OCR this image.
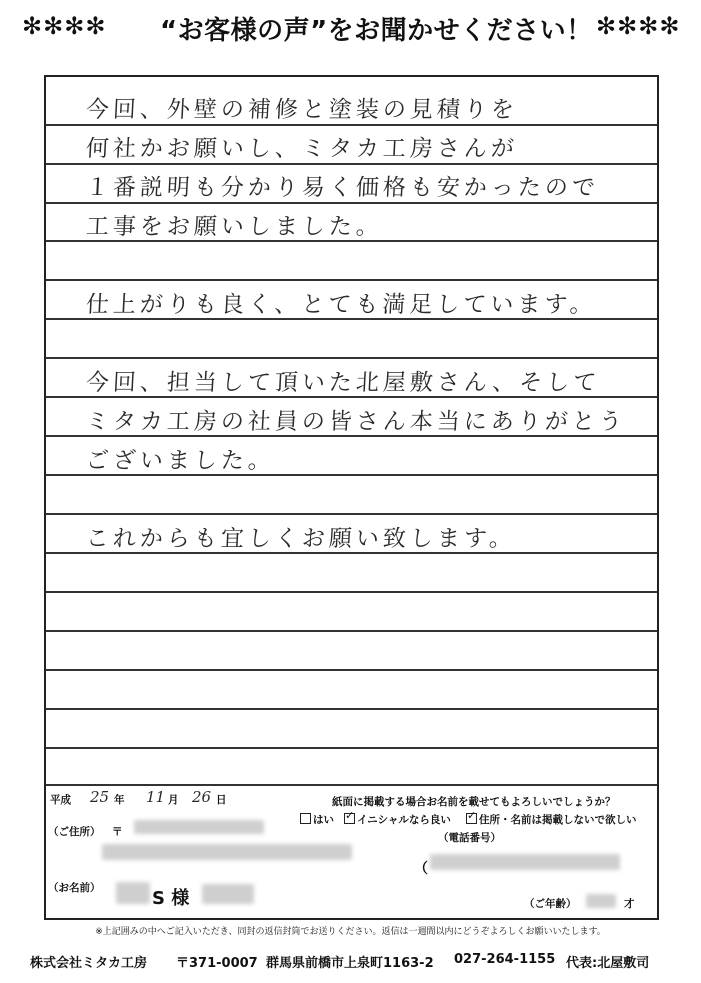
✻✻✻✻ “お客様の声”をお聞かせください！ ✻✻✻✻
今回、外壁の補修と塗装の見積りを
何社かお願いし、ミタカ工房さんが
１番説明も分かり易く価格も安かったので
工事をお願いしました。
仕上がりも良く、とても満足しています。
今回、担当して頂いた北屋敷さん、そして
ミタカ工房の社員の皆さん本当にありがとう
ございました。
これからも宜しくお願い致します。
平成 25 年 11 月 26 日	紙面に掲載する場合お名前を載せてもよろしいでしょうか？
はい ✓	イニシャルなら良い ✓	住所・名前は掲載しないで欲しい
（ご住所） 〒	（電話番号）
（
（お名前）	S 様	（ご年齢）	才
※上記囲みの中へご記入いただき、同封の返信封筒でお送りください。返信は一週間以内にどうぞよろしくお願いいたします。
株式会社ミタカ工房 〒371-0007 群馬県前橋市上泉町1163-2 027-264-1155 代表:北屋敷司
